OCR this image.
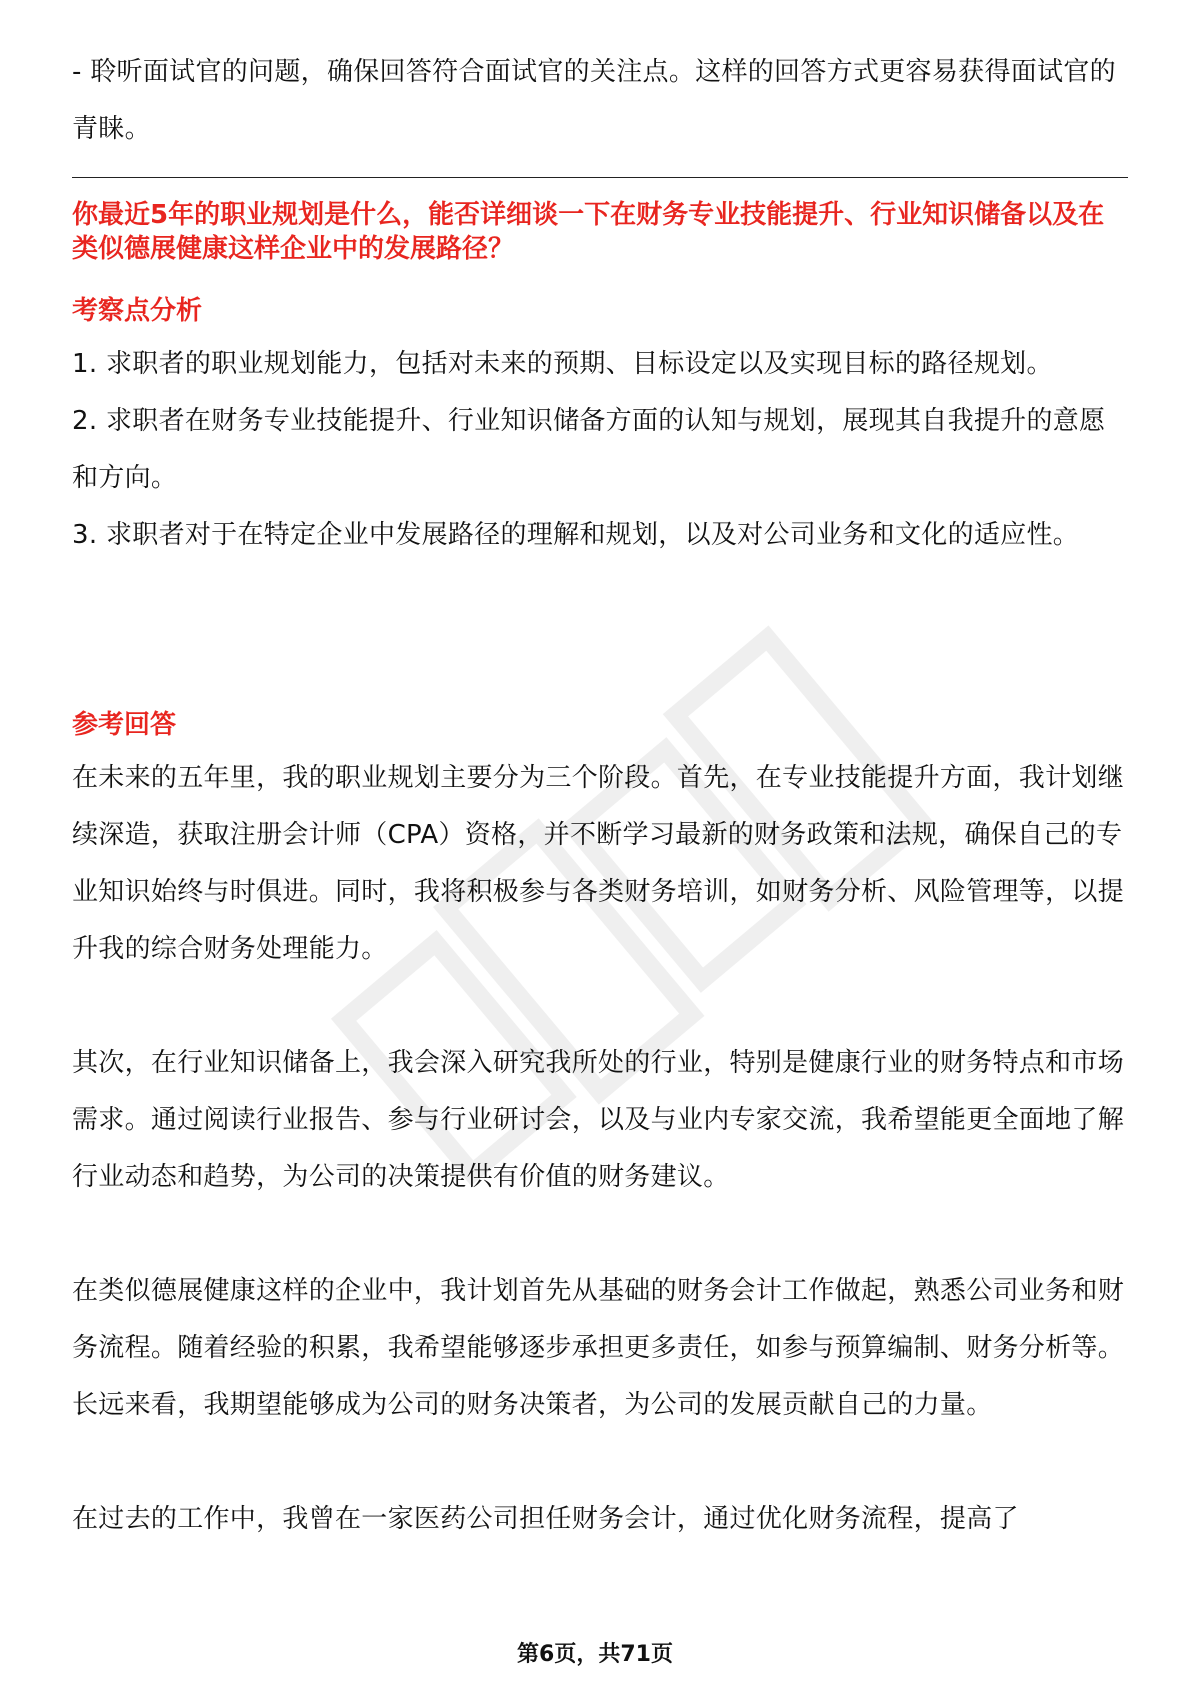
- 聆听面试官的问题，确保回答符合面试官的关注点。这样的回答方式更容易获得面试官的青睐。

你最近5年的职业规划是什么，能否详细谈一下在财务专业技能提升、行业知识储备以及在类似德展健康这样企业中的发展路径？

考察点分析

1. 求职者的职业规划能力，包括对未来的预期、目标设定以及实现目标的路径规划。
2. 求职者在财务专业技能提升、行业知识储备方面的认知与规划，展现其自我提升的意愿和方向。
3. 求职者对于在特定企业中发展路径的理解和规划，以及对公司业务和文化的适应性。

参考回答

在未来的五年里，我的职业规划主要分为三个阶段。首先，在专业技能提升方面，我计划继续深造，获取注册会计师（CPA）资格，并不断学习最新的财务政策和法规，确保自己的专业知识始终与时俱进。同时，我将积极参与各类财务培训，如财务分析、风险管理等，以提升我的综合财务处理能力。

其次，在行业知识储备上，我会深入研究我所处的行业，特别是健康行业的财务特点和市场需求。通过阅读行业报告、参与行业研讨会，以及与业内专家交流，我希望能更全面地了解行业动态和趋势，为公司的决策提供有价值的财务建议。

在类似德展健康这样的企业中，我计划首先从基础的财务会计工作做起，熟悉公司业务和财务流程。随着经验的积累，我希望能够逐步承担更多责任，如参与预算编制、财务分析等。长远来看，我期望能够成为公司的财务决策者，为公司的发展贡献自己的力量。

在过去的工作中，我曾在一家医药公司担任财务会计，通过优化财务流程，提高了

第6页，共71页
